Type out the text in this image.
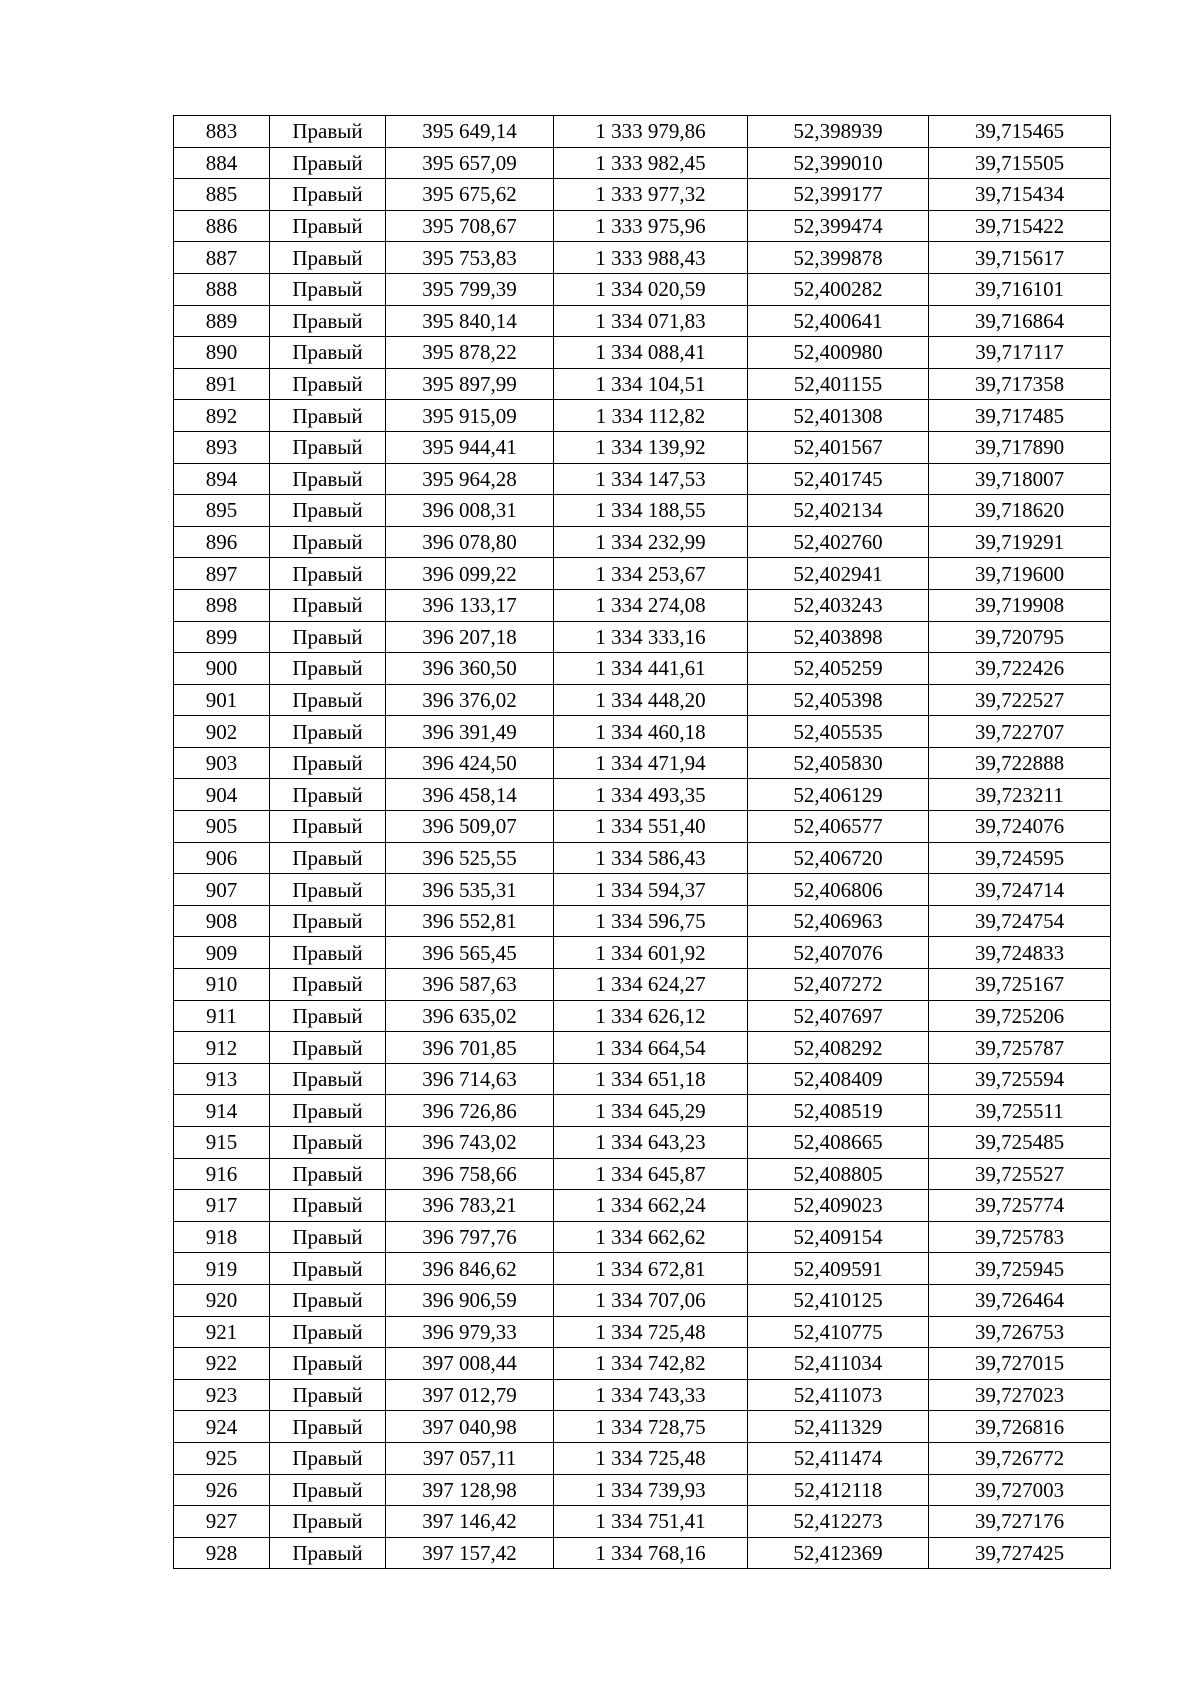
883	Правый	395 649,14	1 333 979,86	52,398939	39,715465
884	Правый	395 657,09	1 333 982,45	52,399010	39,715505
885	Правый	395 675,62	1 333 977,32	52,399177	39,715434
886	Правый	395 708,67	1 333 975,96	52,399474	39,715422
887	Правый	395 753,83	1 333 988,43	52,399878	39,715617
888	Правый	395 799,39	1 334 020,59	52,400282	39,716101
889	Правый	395 840,14	1 334 071,83	52,400641	39,716864
890	Правый	395 878,22	1 334 088,41	52,400980	39,717117
891	Правый	395 897,99	1 334 104,51	52,401155	39,717358
892	Правый	395 915,09	1 334 112,82	52,401308	39,717485
893	Правый	395 944,41	1 334 139,92	52,401567	39,717890
894	Правый	395 964,28	1 334 147,53	52,401745	39,718007
895	Правый	396 008,31	1 334 188,55	52,402134	39,718620
896	Правый	396 078,80	1 334 232,99	52,402760	39,719291
897	Правый	396 099,22	1 334 253,67	52,402941	39,719600
898	Правый	396 133,17	1 334 274,08	52,403243	39,719908
899	Правый	396 207,18	1 334 333,16	52,403898	39,720795
900	Правый	396 360,50	1 334 441,61	52,405259	39,722426
901	Правый	396 376,02	1 334 448,20	52,405398	39,722527
902	Правый	396 391,49	1 334 460,18	52,405535	39,722707
903	Правый	396 424,50	1 334 471,94	52,405830	39,722888
904	Правый	396 458,14	1 334 493,35	52,406129	39,723211
905	Правый	396 509,07	1 334 551,40	52,406577	39,724076
906	Правый	396 525,55	1 334 586,43	52,406720	39,724595
907	Правый	396 535,31	1 334 594,37	52,406806	39,724714
908	Правый	396 552,81	1 334 596,75	52,406963	39,724754
909	Правый	396 565,45	1 334 601,92	52,407076	39,724833
910	Правый	396 587,63	1 334 624,27	52,407272	39,725167
911	Правый	396 635,02	1 334 626,12	52,407697	39,725206
912	Правый	396 701,85	1 334 664,54	52,408292	39,725787
913	Правый	396 714,63	1 334 651,18	52,408409	39,725594
914	Правый	396 726,86	1 334 645,29	52,408519	39,725511
915	Правый	396 743,02	1 334 643,23	52,408665	39,725485
916	Правый	396 758,66	1 334 645,87	52,408805	39,725527
917	Правый	396 783,21	1 334 662,24	52,409023	39,725774
918	Правый	396 797,76	1 334 662,62	52,409154	39,725783
919	Правый	396 846,62	1 334 672,81	52,409591	39,725945
920	Правый	396 906,59	1 334 707,06	52,410125	39,726464
921	Правый	396 979,33	1 334 725,48	52,410775	39,726753
922	Правый	397 008,44	1 334 742,82	52,411034	39,727015
923	Правый	397 012,79	1 334 743,33	52,411073	39,727023
924	Правый	397 040,98	1 334 728,75	52,411329	39,726816
925	Правый	397 057,11	1 334 725,48	52,411474	39,726772
926	Правый	397 128,98	1 334 739,93	52,412118	39,727003
927	Правый	397 146,42	1 334 751,41	52,412273	39,727176
928	Правый	397 157,42	1 334 768,16	52,412369	39,727425
